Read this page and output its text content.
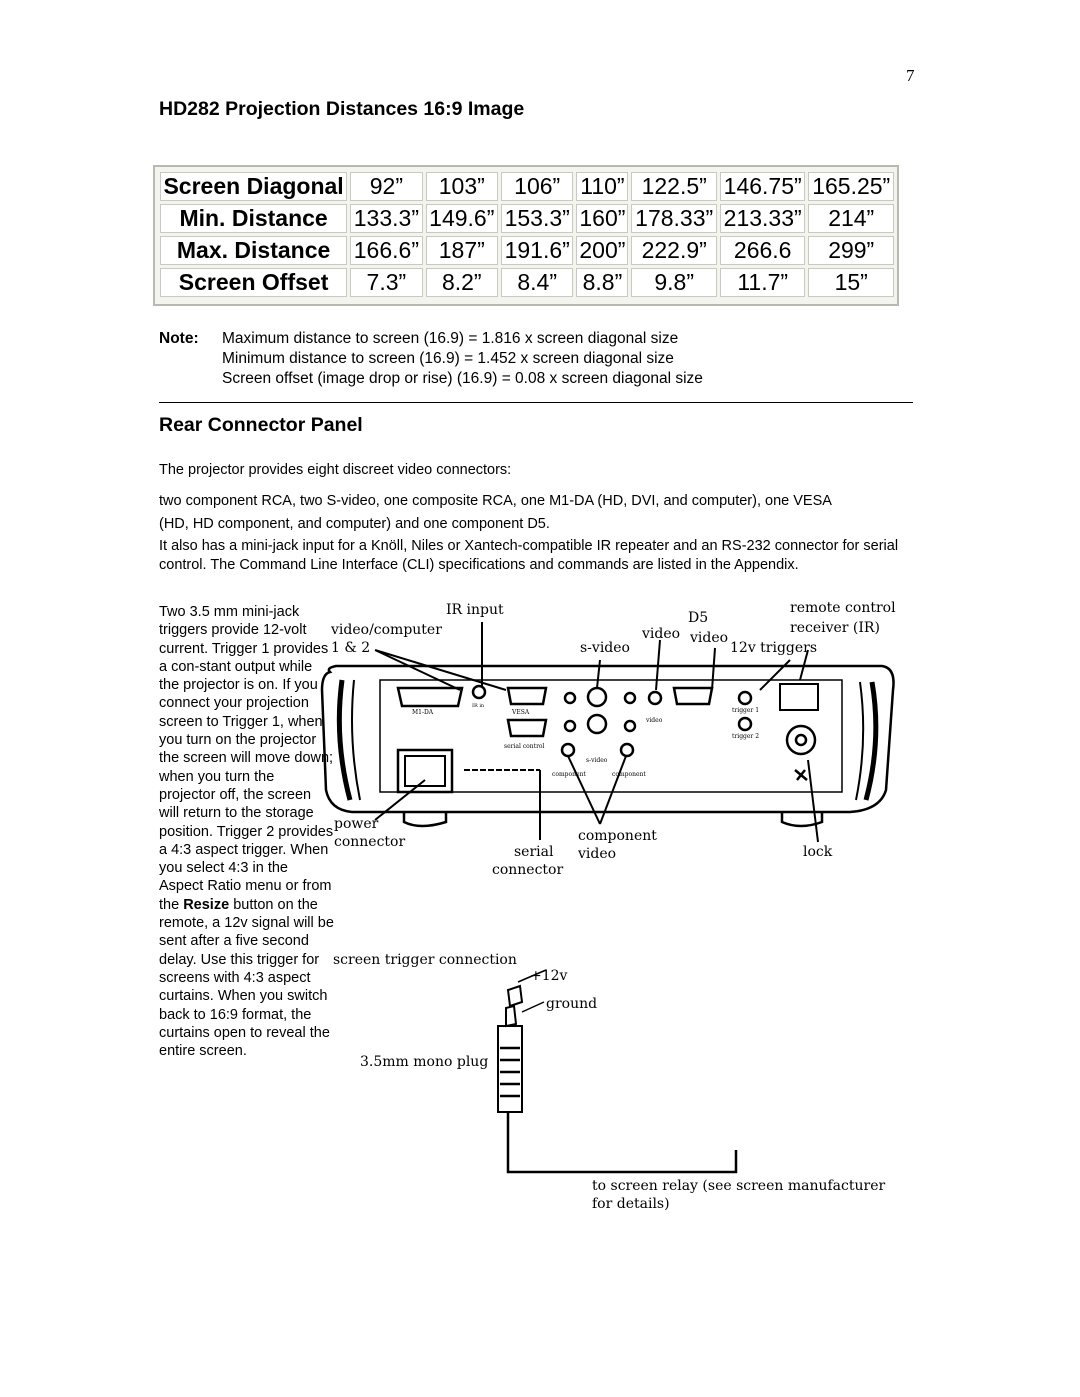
7
HD282 Projection Distances 16:9 Image
Screen Diagonal	92”	103”	106”	110”	122.5”	146.75”	165.25”
Min. Distance	133.3”	149.6”	153.3”	160”	178.33”	213.33”	214”
Max. Distance	166.6”	187”	191.6”	200”	222.9”	266.6	299”
Screen Offset	7.3”	8.2”	8.4”	8.8”	9.8”	11.7”	15”
Note: Maximum distance to screen (16.9) = 1.816 x screen diagonal size
Minimum distance to screen (16.9) = 1.452 x screen diagonal size
Screen offset (image drop or rise) (16.9) = 0.08 x screen diagonal size
Rear Connector Panel
The projector provides eight discreet video connectors:
two component RCA, two S-video, one composite RCA, one M1-DA (HD, DVI, and computer), one VESA (HD, HD component, and computer) and one component D5.
It also has a mini-jack input for a Knöll, Niles or Xantech-compatible IR repeater and an RS-232 connector for serial control. The Command Line Interface (CLI) specifications and commands are listed in the Appendix.
Two 3.5 mm mini-jack triggers provide 12-volt current. Trigger 1 provides a con-stant output while the projector is on. If you connect your projection screen to Trigger 1, when you turn on the projector the screen will move down; when you turn the projector off, the screen will return to the storage position. Trigger 2 provides a 4:3 aspect trigger. When you select 4:3 in the Aspect Ratio menu or from the Resize button on the remote, a 12v signal will be sent after a five second delay. Use this trigger for screens with 4:3 aspect curtains. When you switch back to 16:9 format, the curtains open to reveal the entire screen.
IR input
video/computer
1 & 2
D5
remote control
receiver (IR)
video video
s-video	12v triggers
power
connector
serial
connector
component
video	lock
M1-DA
IR in
VESA
serial control
s-video
video
component	component
trigger 1
trigger 2
screen trigger connection
+12v
ground
3.5mm mono plug
to screen relay (see screen manufacturer
for details)
